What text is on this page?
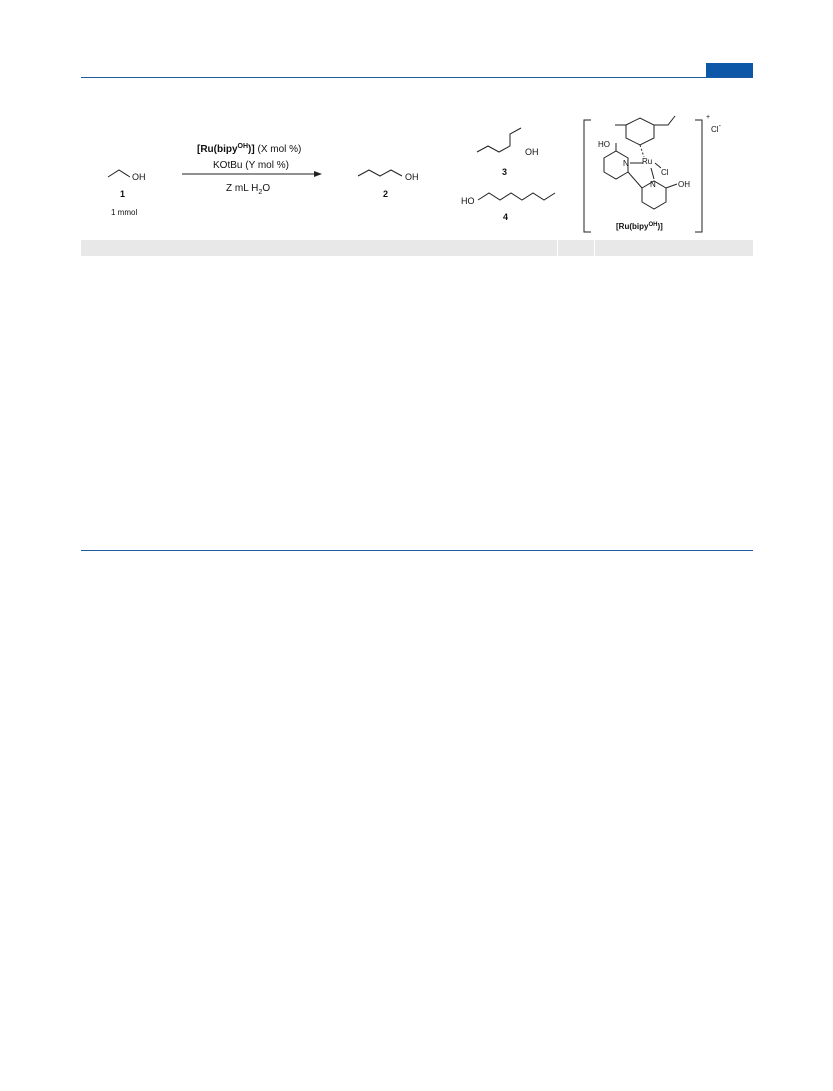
OH
1
1 mmol
[Ru(bipy$^{OH}$)] (X mol %)
KOtBu (Y mol %)
Z mL $H_2O$
OH
2
OH
3
HO
4
HO
N Ru
Cl
N	OH
+
Cl-
[Ru(bipy$^{OH}$)]
